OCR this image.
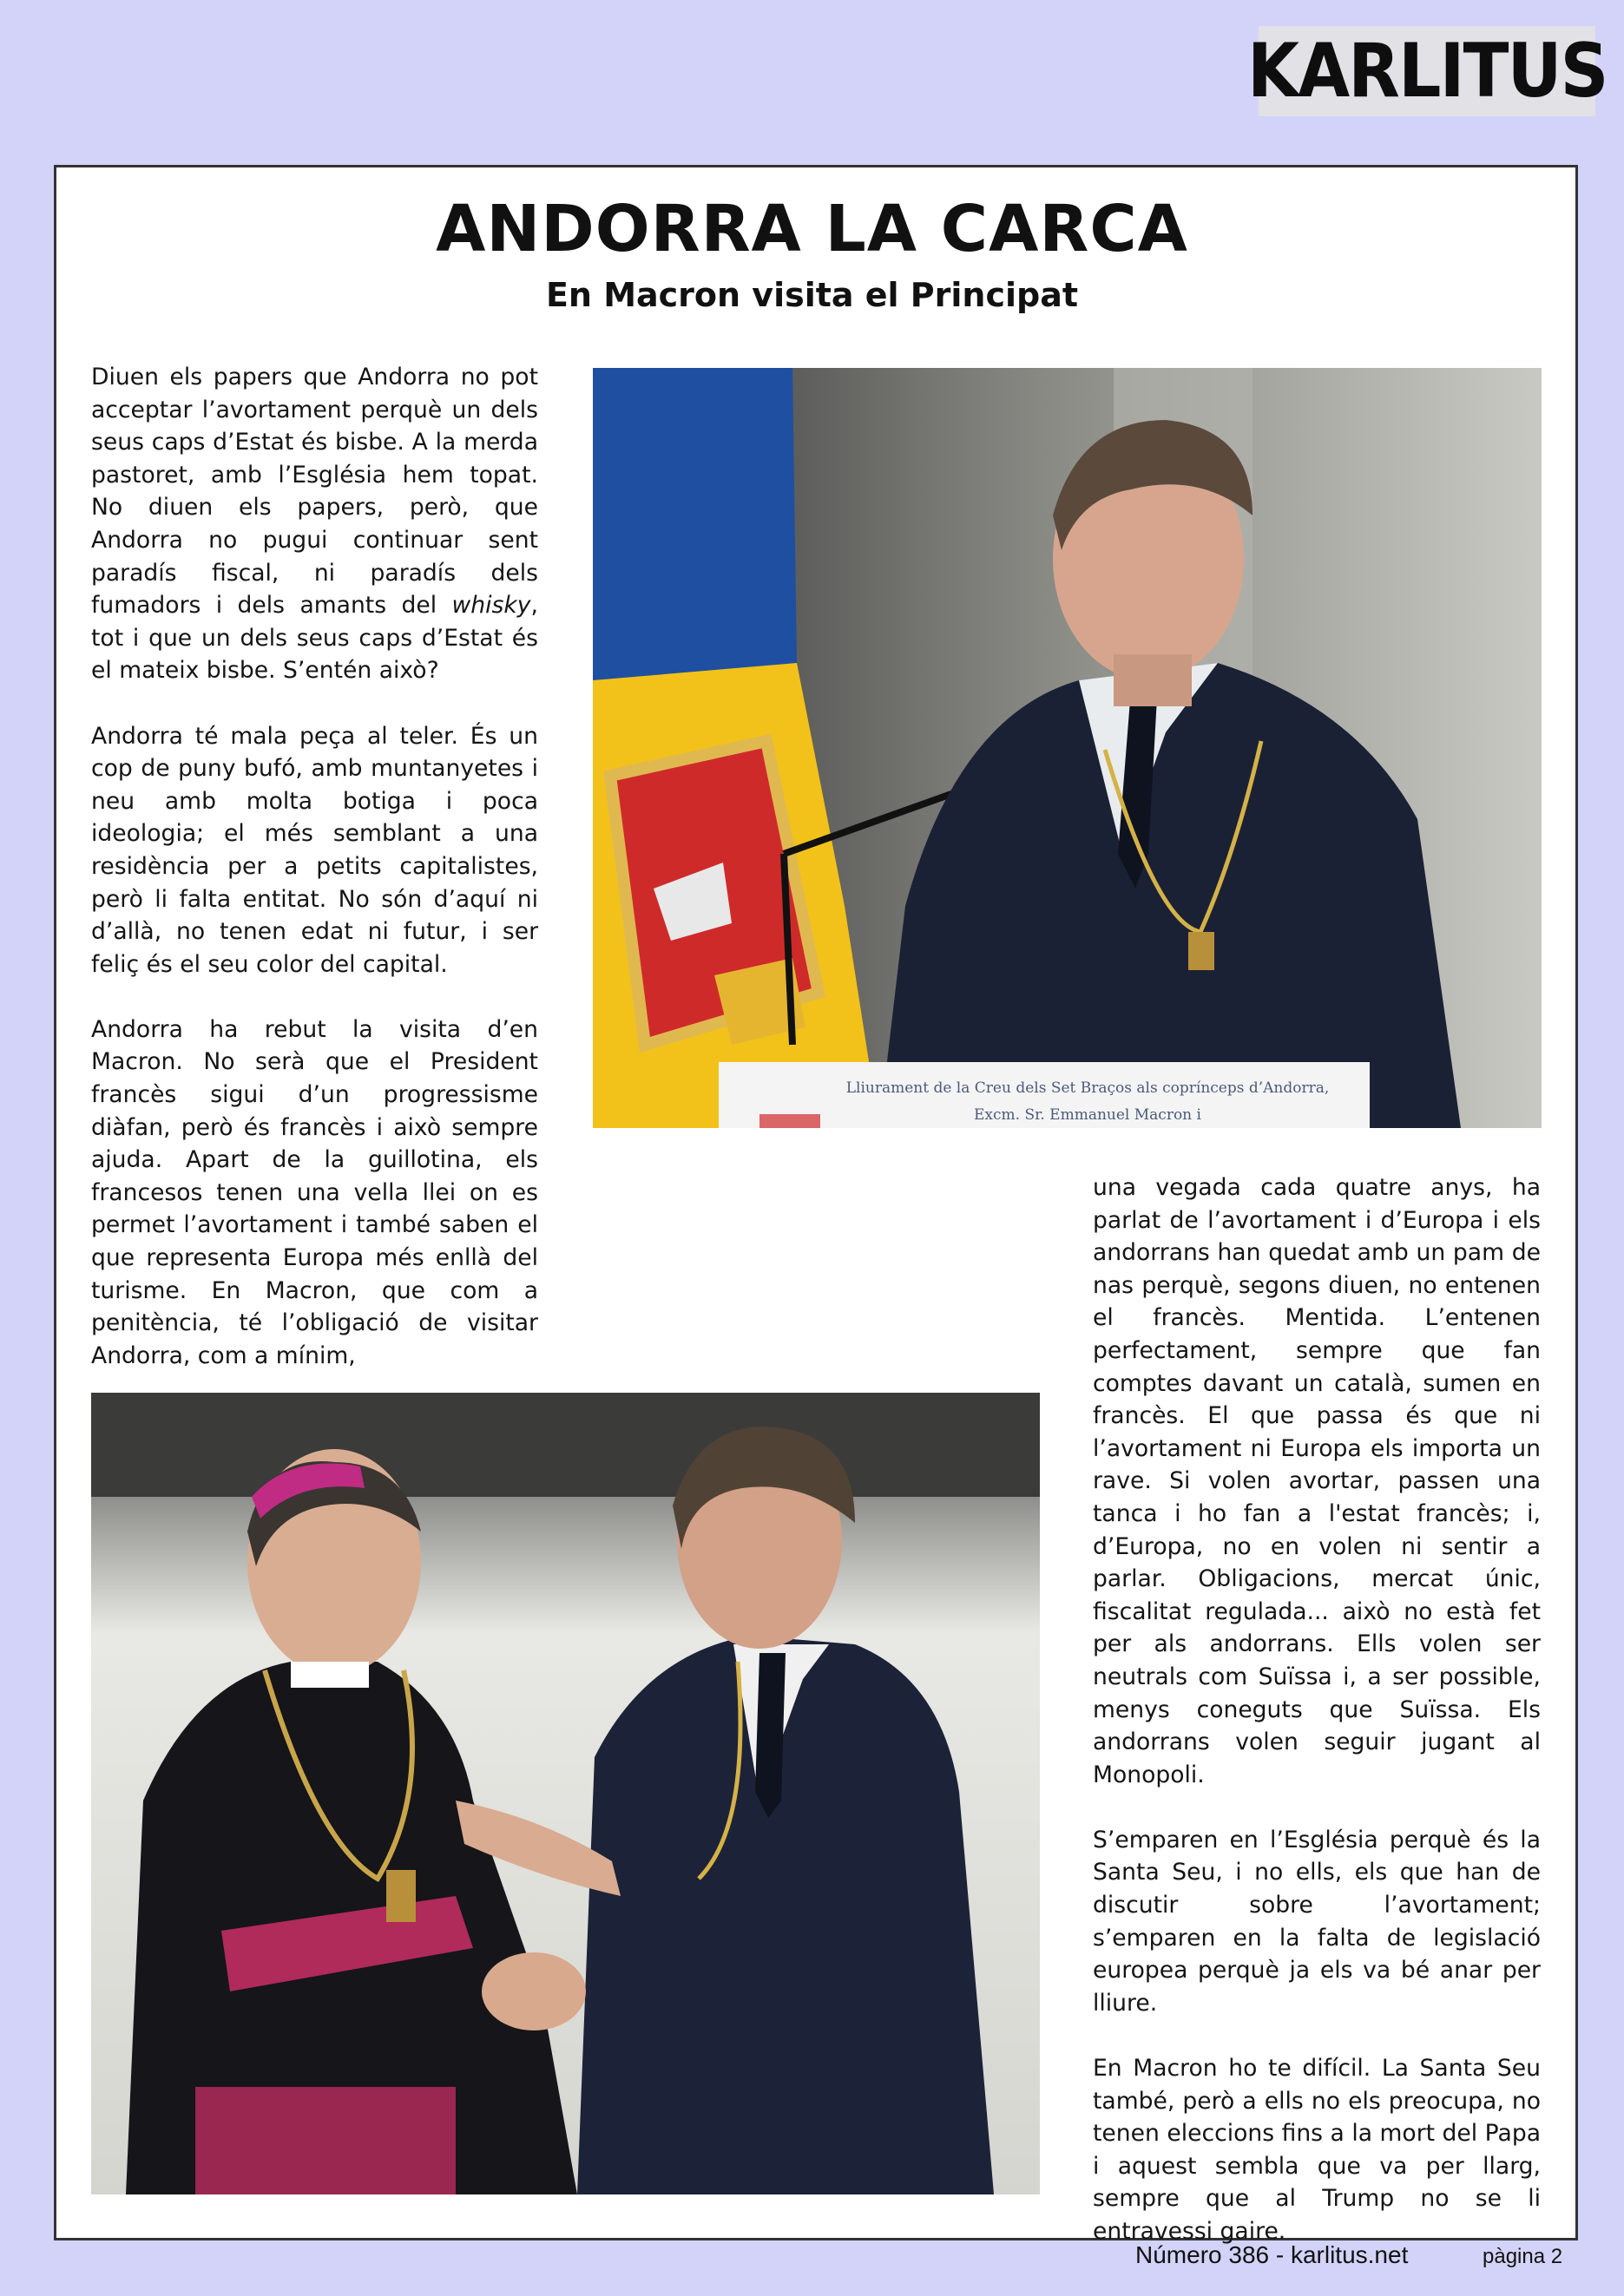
KARLITUS
ANDORRA LA CARCA
En Macron visita el Principat

Diuen els papers que Andorra no pot acceptar l’avortament perquè un dels seus caps d’Estat és bisbe. A la merda pastoret, amb l’Església hem topat. No diuen els papers, però, que Andorra no pugui continuar sent paradís fiscal, ni paradís dels fumadors i dels amants del whisky, tot i que un dels seus caps d’Estat és el mateix bisbe. S’entén això?

Andorra té mala peça al teler. És un cop de puny bufó, amb muntanyetes i neu amb molta botiga i poca ideologia; el més semblant a una residència per a petits capitalistes, però li falta entitat. No són d’aquí ni d’allà, no tenen edat ni futur, i ser feliç és el seu color del capital.

Andorra ha rebut la visita d’en Macron. No serà que el President francès sigui d’un progressisme diàfan, però és francès i això sempre ajuda. Apart de la guillotina, els francesos tenen una vella llei on es permet l’avortament i també saben el que representa Europa més enllà del turisme. En Macron, que com a penitència, té l’obligació de visitar Andorra, com a mínim,

una vegada cada quatre anys, ha parlat de l’avortament i d’Europa i els andorrans han quedat amb un pam de nas perquè, segons diuen, no entenen el francès. Mentida. L’entenen perfectament, sempre que fan comptes davant un català, sumen en francès. El que passa és que ni l’avortament ni Europa els importa un rave. Si volen avortar, passen una tanca i ho fan a l'estat francès; i, d’Europa, no en volen ni sentir a parlar. Obligacions, mercat únic, fiscalitat regulada... això no està fet per als andorrans. Ells volen ser neutrals com Suïssa i, a ser possible, menys coneguts que Suïssa. Els andorrans volen seguir jugant al Monopoli.

S’emparen en l’Església perquè és la Santa Seu, i no ells, els que han de discutir sobre l’avortament; s’emparen en la falta de legislació europea perquè ja els va bé anar per lliure.

En Macron ho te difícil. La Santa Seu també, però a ells no els preocupa, no tenen eleccions fins a la mort del Papa i aquest sembla que va per llarg, sempre que al Trump no se li entravessi gaire.

Lliurament de la Creu dels Set Braços als coprínceps d’Andorra,
Excm. Sr. Emmanuel Macron i
Número 386 - karlitus.net	pàgina 2
